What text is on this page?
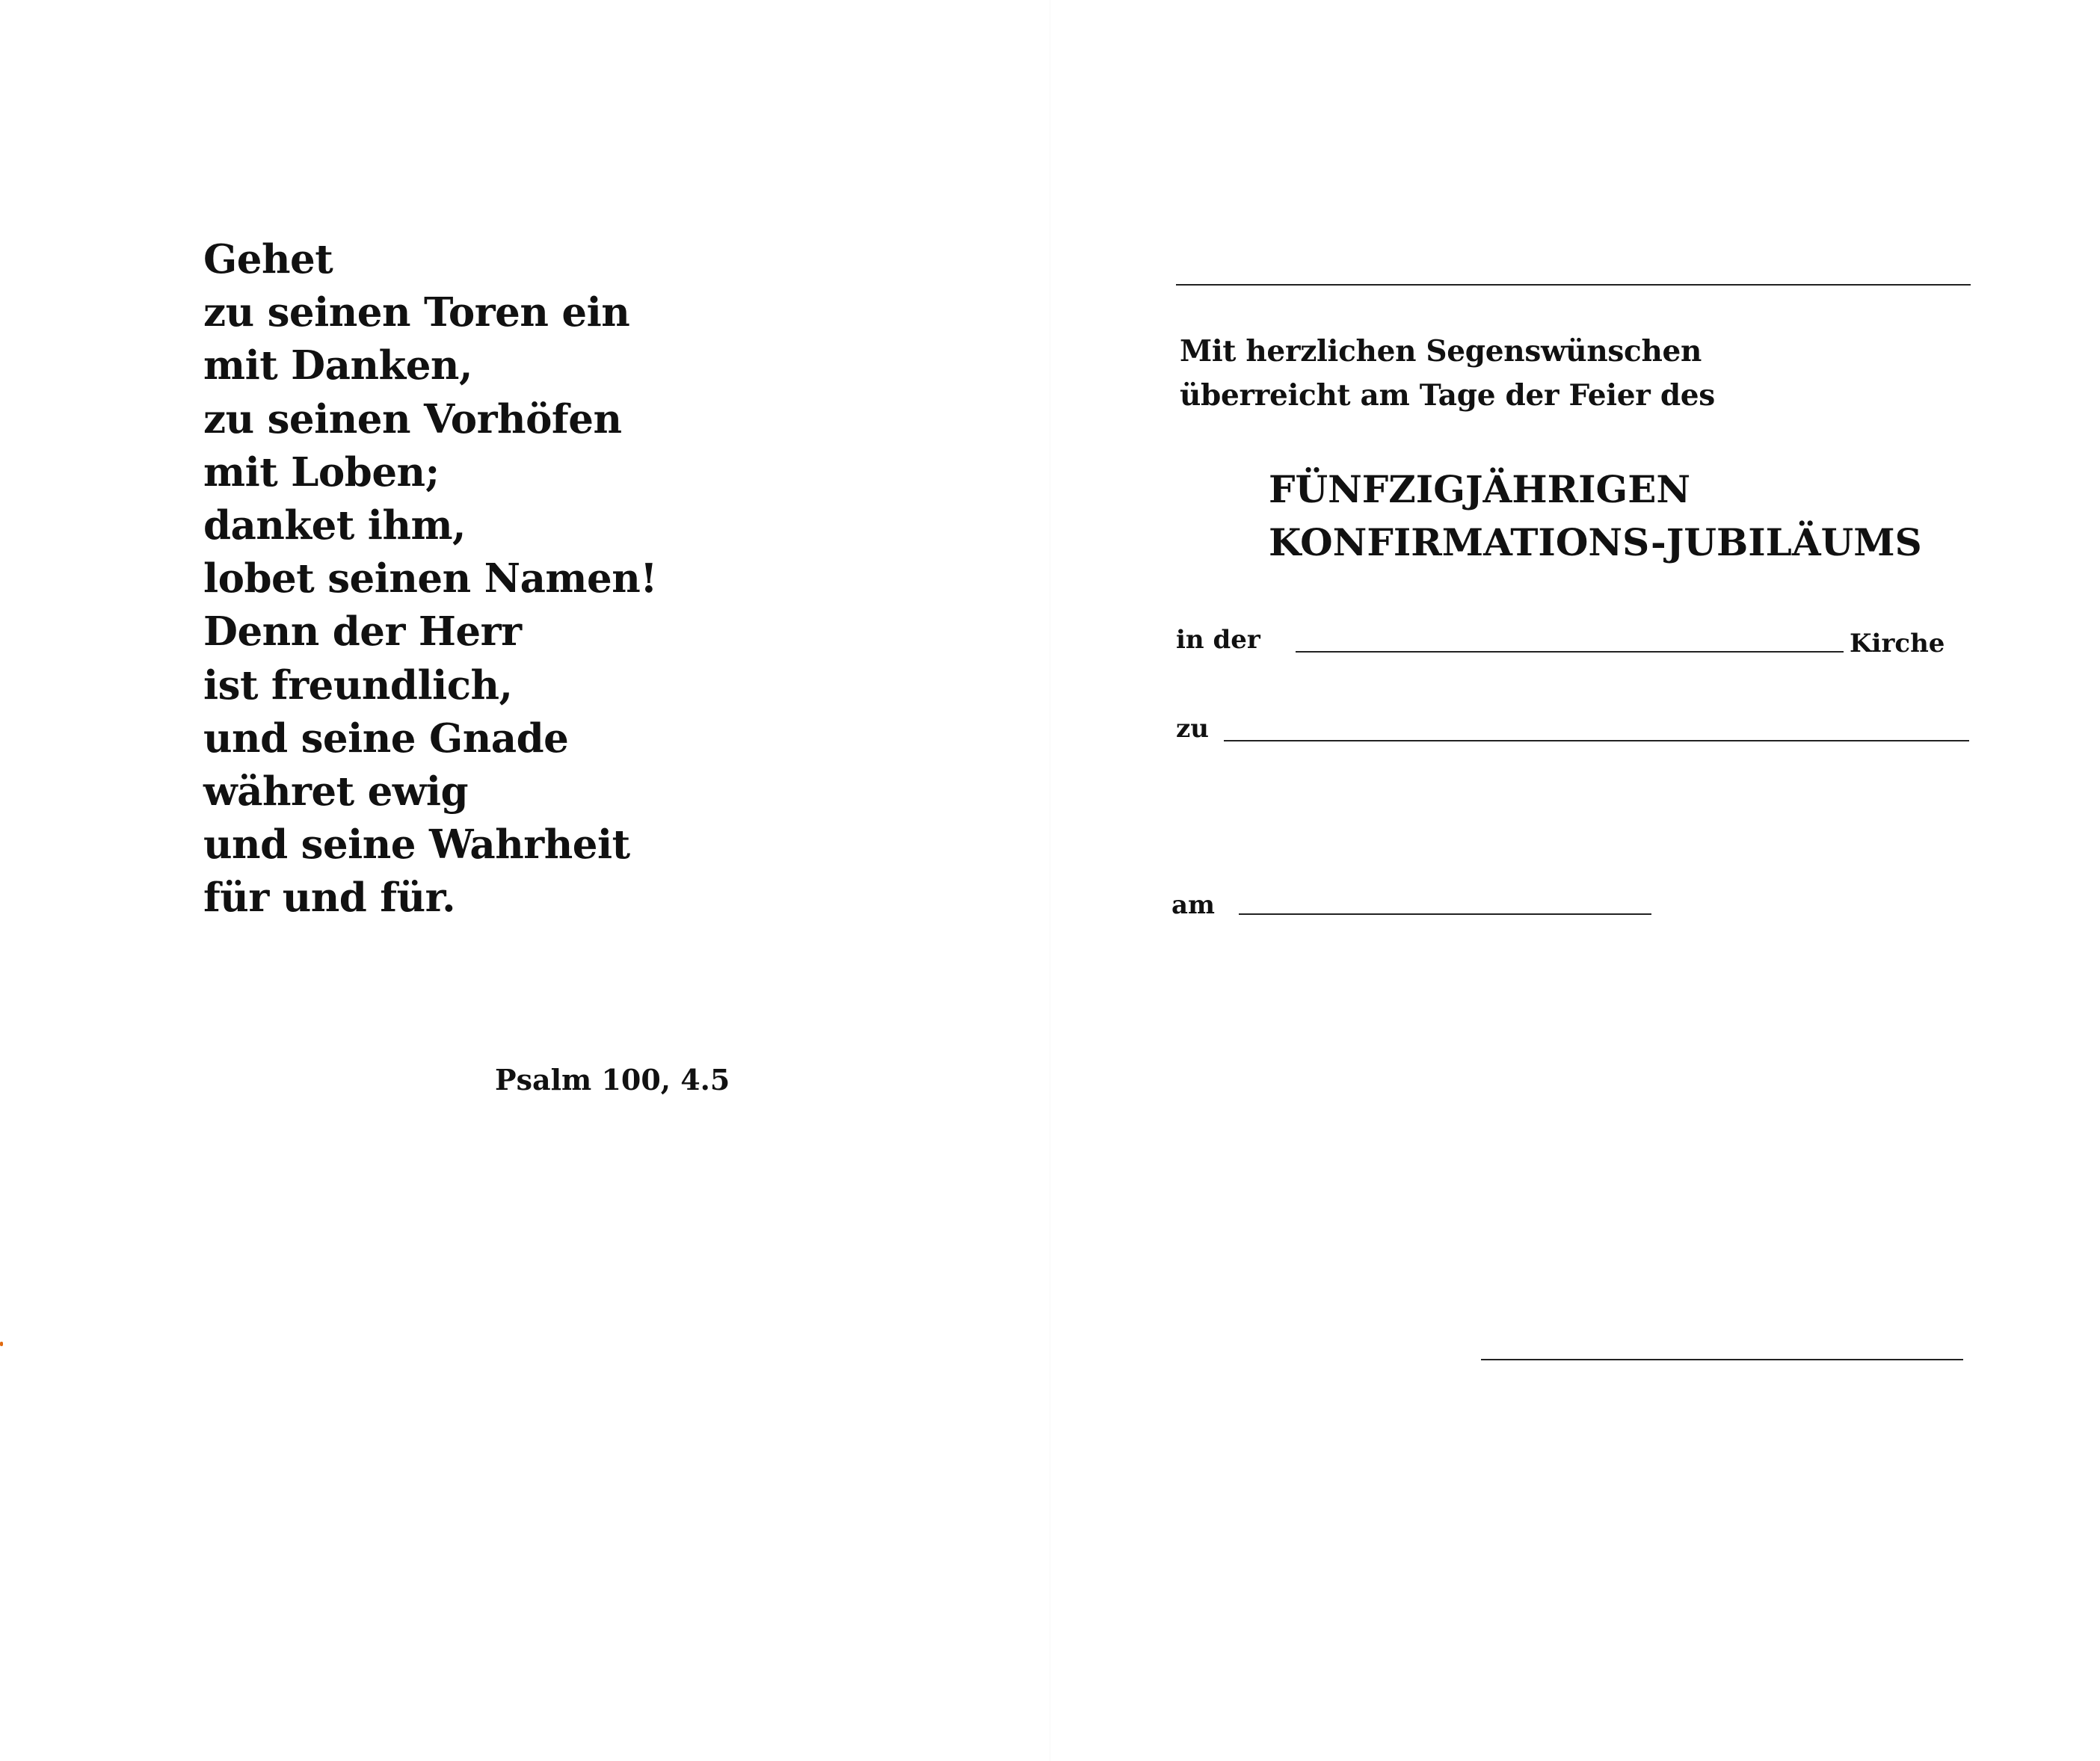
Gehet
zu seinen Toren ein
mit Danken,
zu seinen Vorhöfen
mit Loben;
danket ihm,
lobet seinen Namen!
Denn der Herr
ist freundlich,
und seine Gnade
währet ewig
und seine Wahrheit
für und für.
Psalm 100, 4.5
Mit herzlichen Segenswünschen
überreicht am Tage der Feier des
FÜNFZIGJÄHRIGEN
KONFIRMATIONS-JUBILÄUMS
in der	Kirche
zu
am
